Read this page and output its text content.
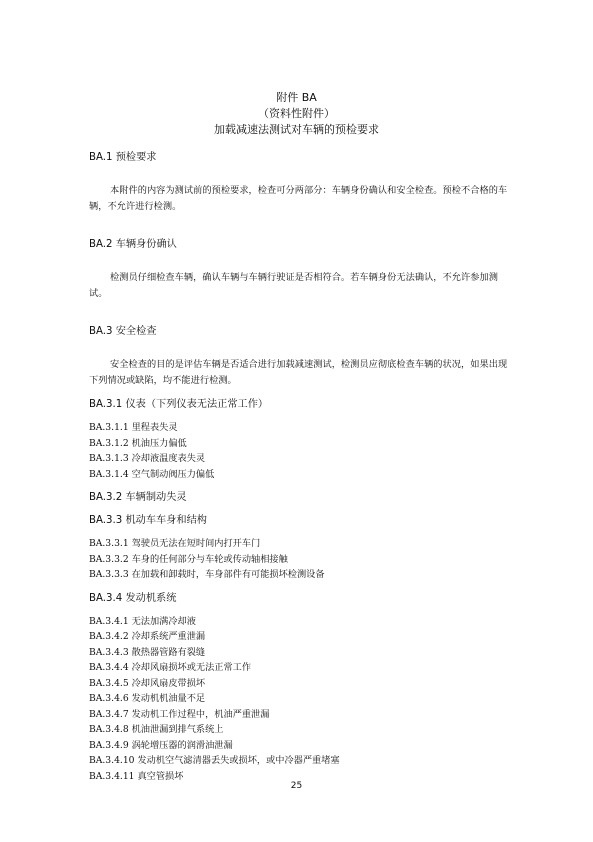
附件 BA
（资料性附件）
加载减速法测试对车辆的预检要求

BA.1 预检要求

本附件的内容为测试前的预检要求，检查可分两部分：车辆身份确认和安全检查。预检不合格的车辆，不允许进行检测。

BA.2 车辆身份确认

检测员仔细检查车辆，确认车辆与车辆行驶证是否相符合。若车辆身份无法确认，不允许参加测试。

BA.3 安全检查

安全检查的目的是评估车辆是否适合进行加载减速测试，检测员应彻底检查车辆的状况，如果出现下列情况或缺陷，均不能进行检测。

BA.3.1 仪表（下列仪表无法正常工作）

BA.3.1.1 里程表失灵

BA.3.1.2 机油压力偏低

BA.3.1.3 冷却液温度表失灵

BA.3.1.4 空气制动阀压力偏低

BA.3.2 车辆制动失灵

BA.3.3 机动车车身和结构

BA.3.3.1 驾驶员无法在短时间内打开车门

BA.3.3.2 车身的任何部分与车轮或传动轴相接触

BA.3.3.3 在加载和卸载时，车身部件有可能损坏检测设备

BA.3.4 发动机系统

BA.3.4.1 无法加满冷却液

BA.3.4.2 冷却系统严重泄漏

BA.3.4.3 散热器管路有裂缝

BA.3.4.4 冷却风扇损坏或无法正常工作

BA.3.4.5 冷却风扇皮带损坏

BA.3.4.6 发动机机油量不足

BA.3.4.7 发动机工作过程中，机油严重泄漏

BA.3.4.8 机油泄漏到排气系统上

BA.3.4.9 涡轮增压器的润滑油泄漏

BA.3.4.10 发动机空气滤清器丢失或损坏，或中冷器严重堵塞

BA.3.4.11 真空管损坏

25
